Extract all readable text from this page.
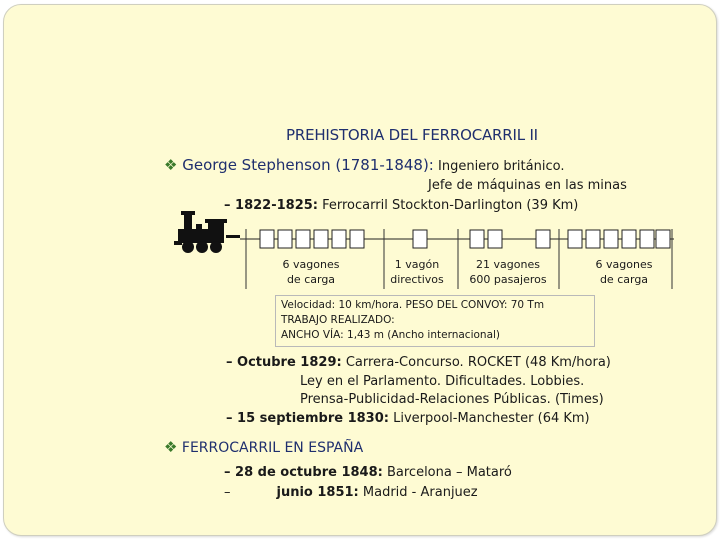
PREHISTORIA DEL FERROCARRIL II
❖ George Stephenson (1781-1848): Ingeniero británico.
Jefe de máquinas en las minas
– 1822-1825: Ferrocarril Stockton-Darlington (39 Km)
6 vagones
de carga
1 vagón
directivos
21 vagones
600 pasajeros
6 vagones
de carga
Velocidad: 10 km/hora. PESO DEL CONVOY: 70 Tm
TRABAJO REALIZADO:
ANCHO VÍA: 1,43 m (Ancho internacional)
– Octubre 1829: Carrera-Concurso. ROCKET (48 Km/hora)
Ley en el Parlamento. Dificultades. Lobbies.
Prensa-Publicidad-Relaciones Públicas. (Times)
– 15 septiembre 1830: Liverpool-Manchester (64 Km)
❖ FERROCARRIL EN ESPAÑA
– 28 de octubre 1848: Barcelona – Mataró
–	junio 1851: Madrid - Aranjuez
